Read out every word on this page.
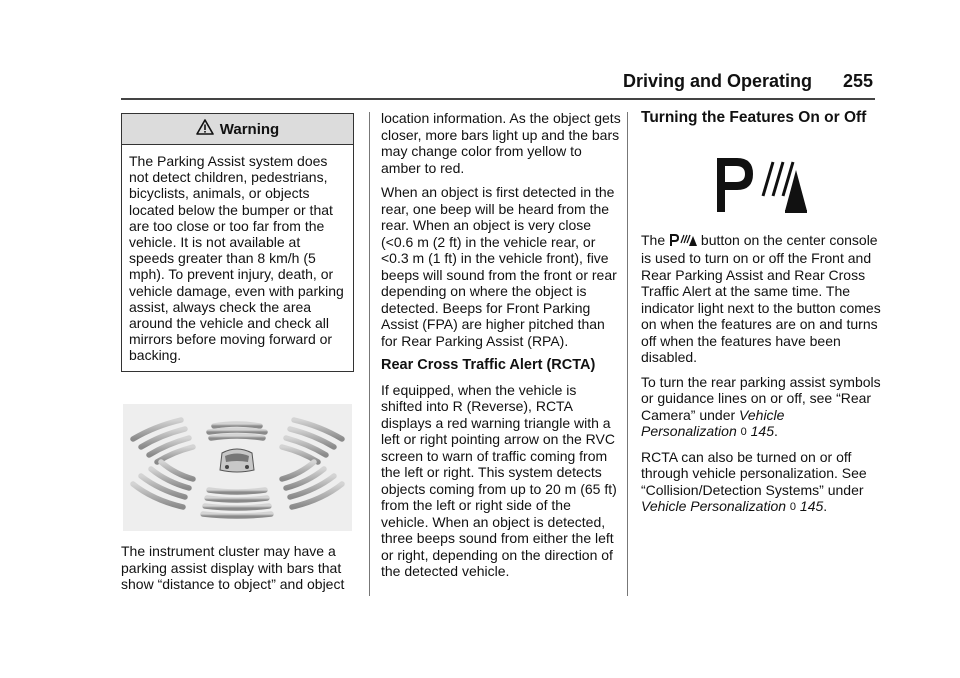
Driving and Operating 255
Warning
The Parking Assist system does not detect children, pedestrians, bicyclists, animals, or objects located below the bumper or that are too close or too far from the vehicle. It is not available at speeds greater than 8 km/h (5 mph). To prevent injury, death, or vehicle damage, even with parking assist, always check the area around the vehicle and check all mirrors before moving forward or backing.
The instrument cluster may have a parking assist display with bars that show “distance to object” and object

location information. As the object gets closer, more bars light up and the bars may change color from yellow to amber to red.

When an object is first detected in the rear, one beep will be heard from the rear. When an object is very close (<0.6 m (2 ft) in the vehicle rear, or <0.3 m (1 ft) in the vehicle front), five beeps will sound from the front or rear depending on where the object is detected. Beeps for Front Parking Assist (FPA) are higher pitched than for Rear Parking Assist (RPA).

Rear Cross Traffic Alert (RCTA)

If equipped, when the vehicle is shifted into R (Reverse), RCTA displays a red warning triangle with a left or right pointing arrow on the RVC screen to warn of traffic coming from the left or right. This system detects objects coming from up to 20 m (65 ft) from the left or right side of the vehicle. When an object is detected, three beeps sound from either the left or right, depending on the direction of the detected vehicle.

Turning the Features On or Off

The	button on the center console is used to turn on or off the Front and Rear Parking Assist and Rear Cross Traffic Alert at the same time. The indicator light next to the button comes on when the features are on and turns off when the features have been disabled.

To turn the rear parking assist symbols or guidance lines on or off, see “Rear Camera” under Vehicle Personalization 0 145.

RCTA can also be turned on or off through vehicle personalization. See “Collision/Detection Systems” under Vehicle Personalization 0 145.
